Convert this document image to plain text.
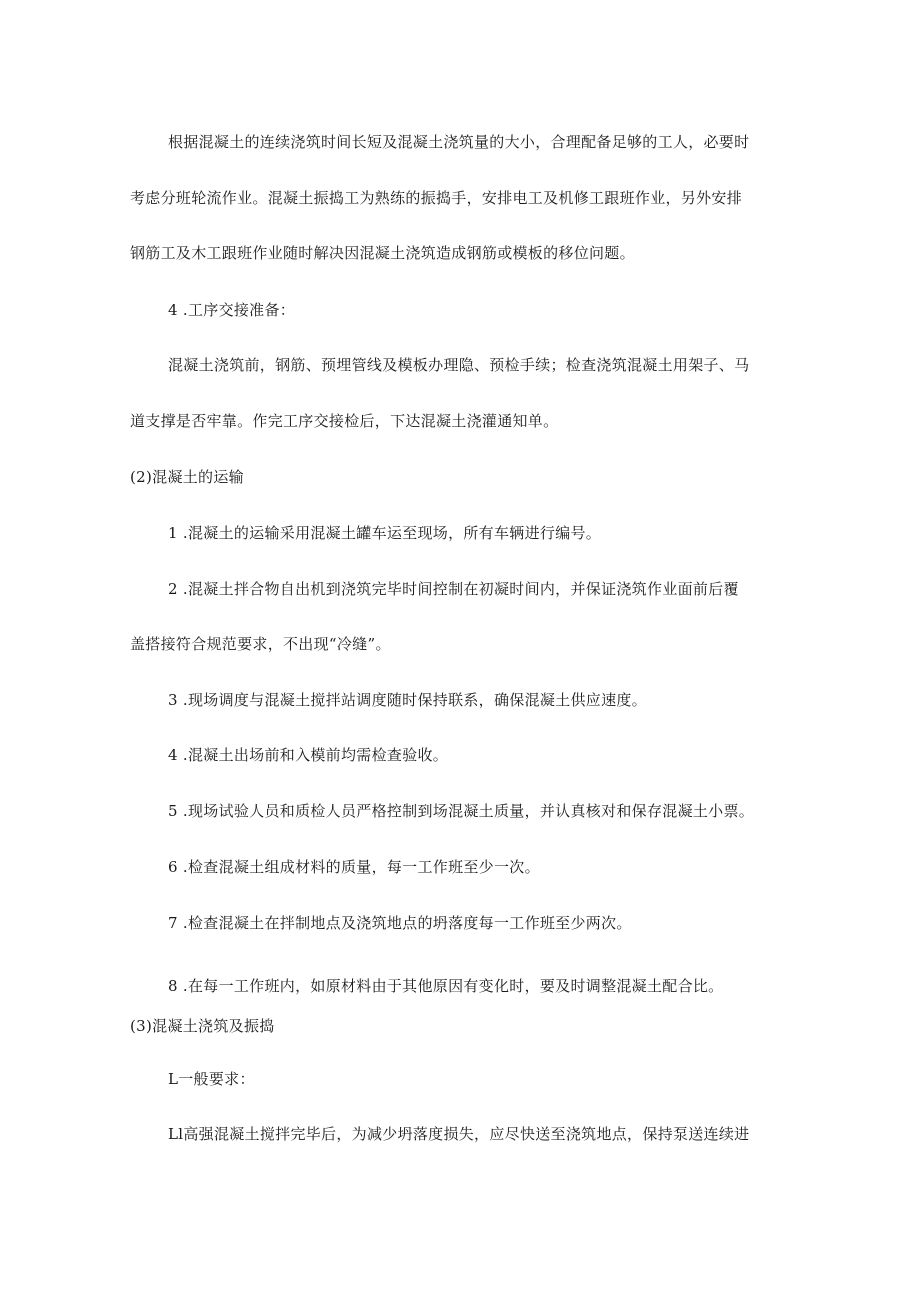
根据混凝土的连续浇筑时间长短及混凝土浇筑量的大小，合理配备足够的工人，必要时
考虑分班轮流作业。混凝土振捣工为熟练的振捣手，安排电工及机修工跟班作业，另外安排
钢筋工及木工跟班作业随时解决因混凝土浇筑造成钢筋或模板的移位问题。
4 .工序交接准备：
混凝土浇筑前，钢筋、预埋管线及模板办理隐、预检手续；检查浇筑混凝土用架子、马
道支撑是否牢靠。作完工序交接检后，下达混凝土浇灌通知单。
(2)混凝土的运输
1 .混凝土的运输采用混凝土罐车运至现场，所有车辆进行编号。
2 .混凝土拌合物自出机到浇筑完毕时间控制在初凝时间内，并保证浇筑作业面前后覆
盖搭接符合规范要求，不出现“冷缝”。
3 .现场调度与混凝土搅拌站调度随时保持联系，确保混凝土供应速度。
4 .混凝土出场前和入模前均需检查验收。
5 .现场试验人员和质检人员严格控制到场混凝土质量，并认真核对和保存混凝土小票。
6 .检查混凝土组成材料的质量，每一工作班至少一次。
7 .检查混凝土在拌制地点及浇筑地点的坍落度每一工作班至少两次。
8 .在每一工作班内，如原材料由于其他原因有变化时，要及时调整混凝土配合比。
(3)混凝土浇筑及振捣
L一般要求：
Ll高强混凝土搅拌完毕后，为减少坍落度损失，应尽快送至浇筑地点，保持泵送连续进
